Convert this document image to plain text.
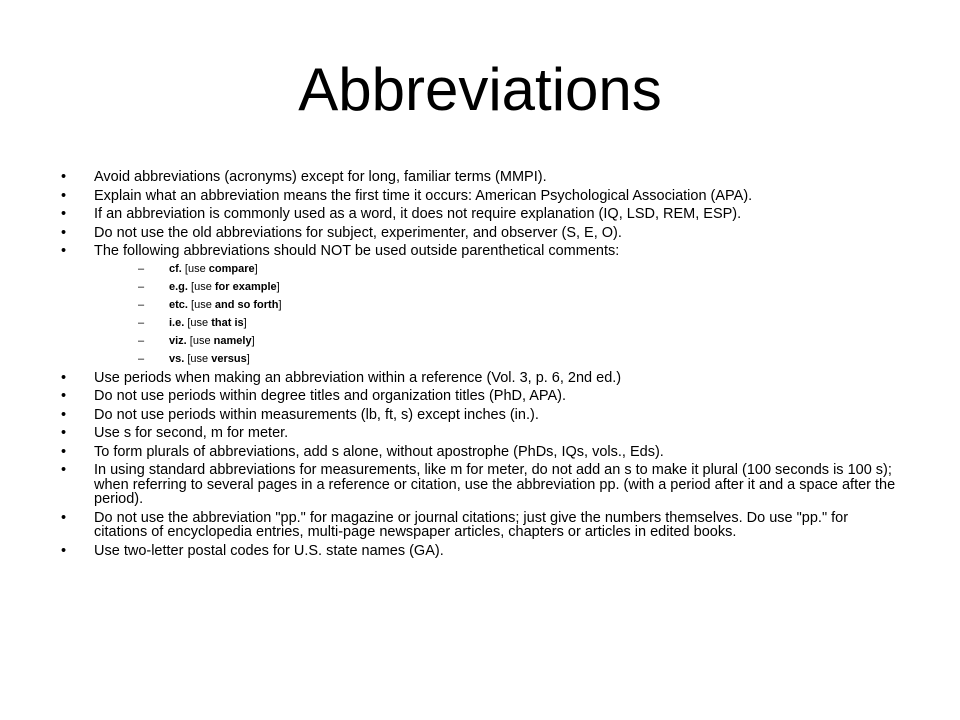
Abbreviations
• Avoid abbreviations (acronyms) except for long, familiar terms (MMPI).
• Explain what an abbreviation means the first time it occurs: American Psychological Association (APA).
• If an abbreviation is commonly used as a word, it does not require explanation (IQ, LSD, REM, ESP).
• Do not use the old abbreviations for subject, experimenter, and observer (S, E, O).
• The following abbreviations should NOT be used outside parenthetical comments:
– cf. [use compare]
– e.g. [use for example]
– etc. [use and so forth]
– i.e. [use that is]
– viz. [use namely]
– vs. [use versus]
• Use periods when making an abbreviation within a reference (Vol. 3, p. 6, 2nd ed.)
• Do not use periods within degree titles and organization titles (PhD, APA).
• Do not use periods within measurements (lb, ft, s) except inches (in.).
• Use s for second, m for meter.
• To form plurals of abbreviations, add s alone, without apostrophe (PhDs, IQs, vols., Eds).
• In using standard abbreviations for measurements, like m for meter, do not add an s to make it plural (100 seconds is 100 s); when referring to several pages in a reference or citation, use the abbreviation pp. (with a period after it and a space after the period).
• Do not use the abbreviation "pp." for magazine or journal citations; just give the numbers themselves. Do use "pp." for citations of encyclopedia entries, multi-page newspaper articles, chapters or articles in edited books.
• Use two-letter postal codes for U.S. state names (GA).
